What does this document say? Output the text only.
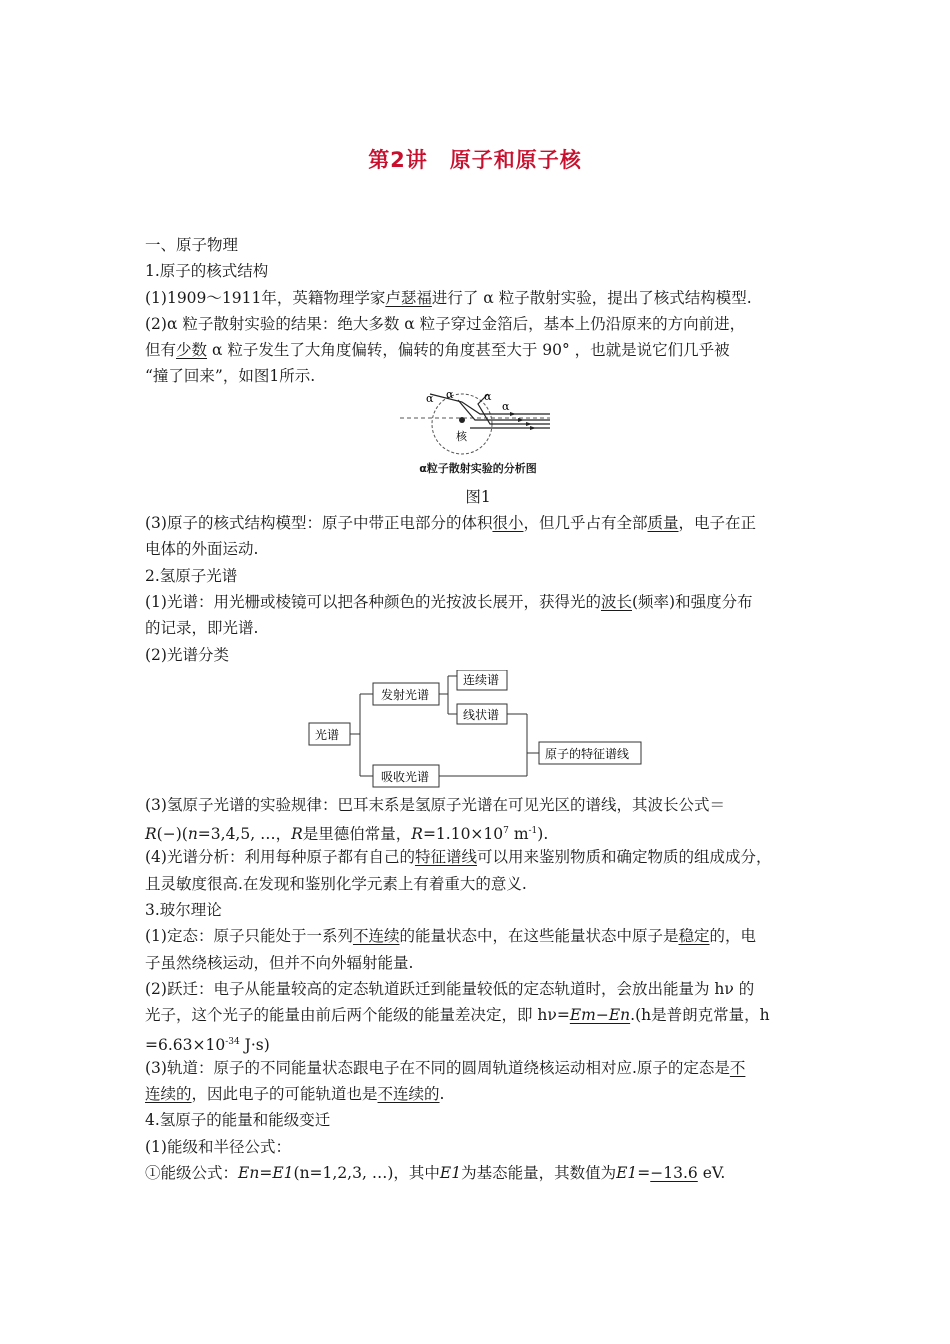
第2讲 原子和原子核
一、原子物理
1.原子的核式结构
(1)1909～1911年，英籍物理学家卢瑟福进行了 α 粒子散射实验，提出了核式结构模型.
(2)α 粒子散射实验的结果：绝大多数 α 粒子穿过金箔后，基本上仍沿原来的方向前进，
但有少数 α 粒子发生了大角度偏转，偏转的角度甚至大于 90° ，也就是说它们几乎被
“撞了回来”，如图1所示.
α α	α
α
核
α粒子散射实验的分析图
图1
(3)原子的核式结构模型：原子中带正电部分的体积很小，但几乎占有全部质量，电子在正
电体的外面运动.
2.氢原子光谱
(1)光谱：用光栅或棱镜可以把各种颜色的光按波长展开，获得光的波长(频率)和强度分布
的记录，即光谱.
(2)光谱分类
光谱
发射光谱
连续谱
线状谱
吸收光谱
原子的特征谱线
(3)氢原子光谱的实验规律：巴耳末系是氢原子光谱在可见光区的谱线，其波长公式＝
R(−)(n=3,4,5, …，R是里德伯常量，$R=1.10\times 10^7$ $m^{-1}$).
(4)光谱分析：利用每种原子都有自己的特征谱线可以用来鉴别物质和确定物质的组成成分，
且灵敏度很高.在发现和鉴别化学元素上有着重大的意义.
3.玻尔理论
(1)定态：原子只能处于一系列不连续的能量状态中，在这些能量状态中原子是稳定的，电
子虽然绕核运动，但并不向外辐射能量.
(2)跃迁：电子从能量较高的定态轨道跃迁到能量较低的定态轨道时，会放出能量为 hν 的
光子，这个光子的能量由前后两个能级的能量差决定，即 hν=Em−En.(h是普朗克常量，h
$=6.63\times 10^{-34}$ J·s)
(3)轨道：原子的不同能量状态跟电子在不同的圆周轨道绕核运动相对应.原子的定态是不
连续的，因此电子的可能轨道也是不连续的.
4.氢原子的能量和能级变迁
(1)能级和半径公式：
①能级公式：En=E1(n=1,2,3, …)，其中E1为基态能量，其数值为E1=−13.6 eV.
